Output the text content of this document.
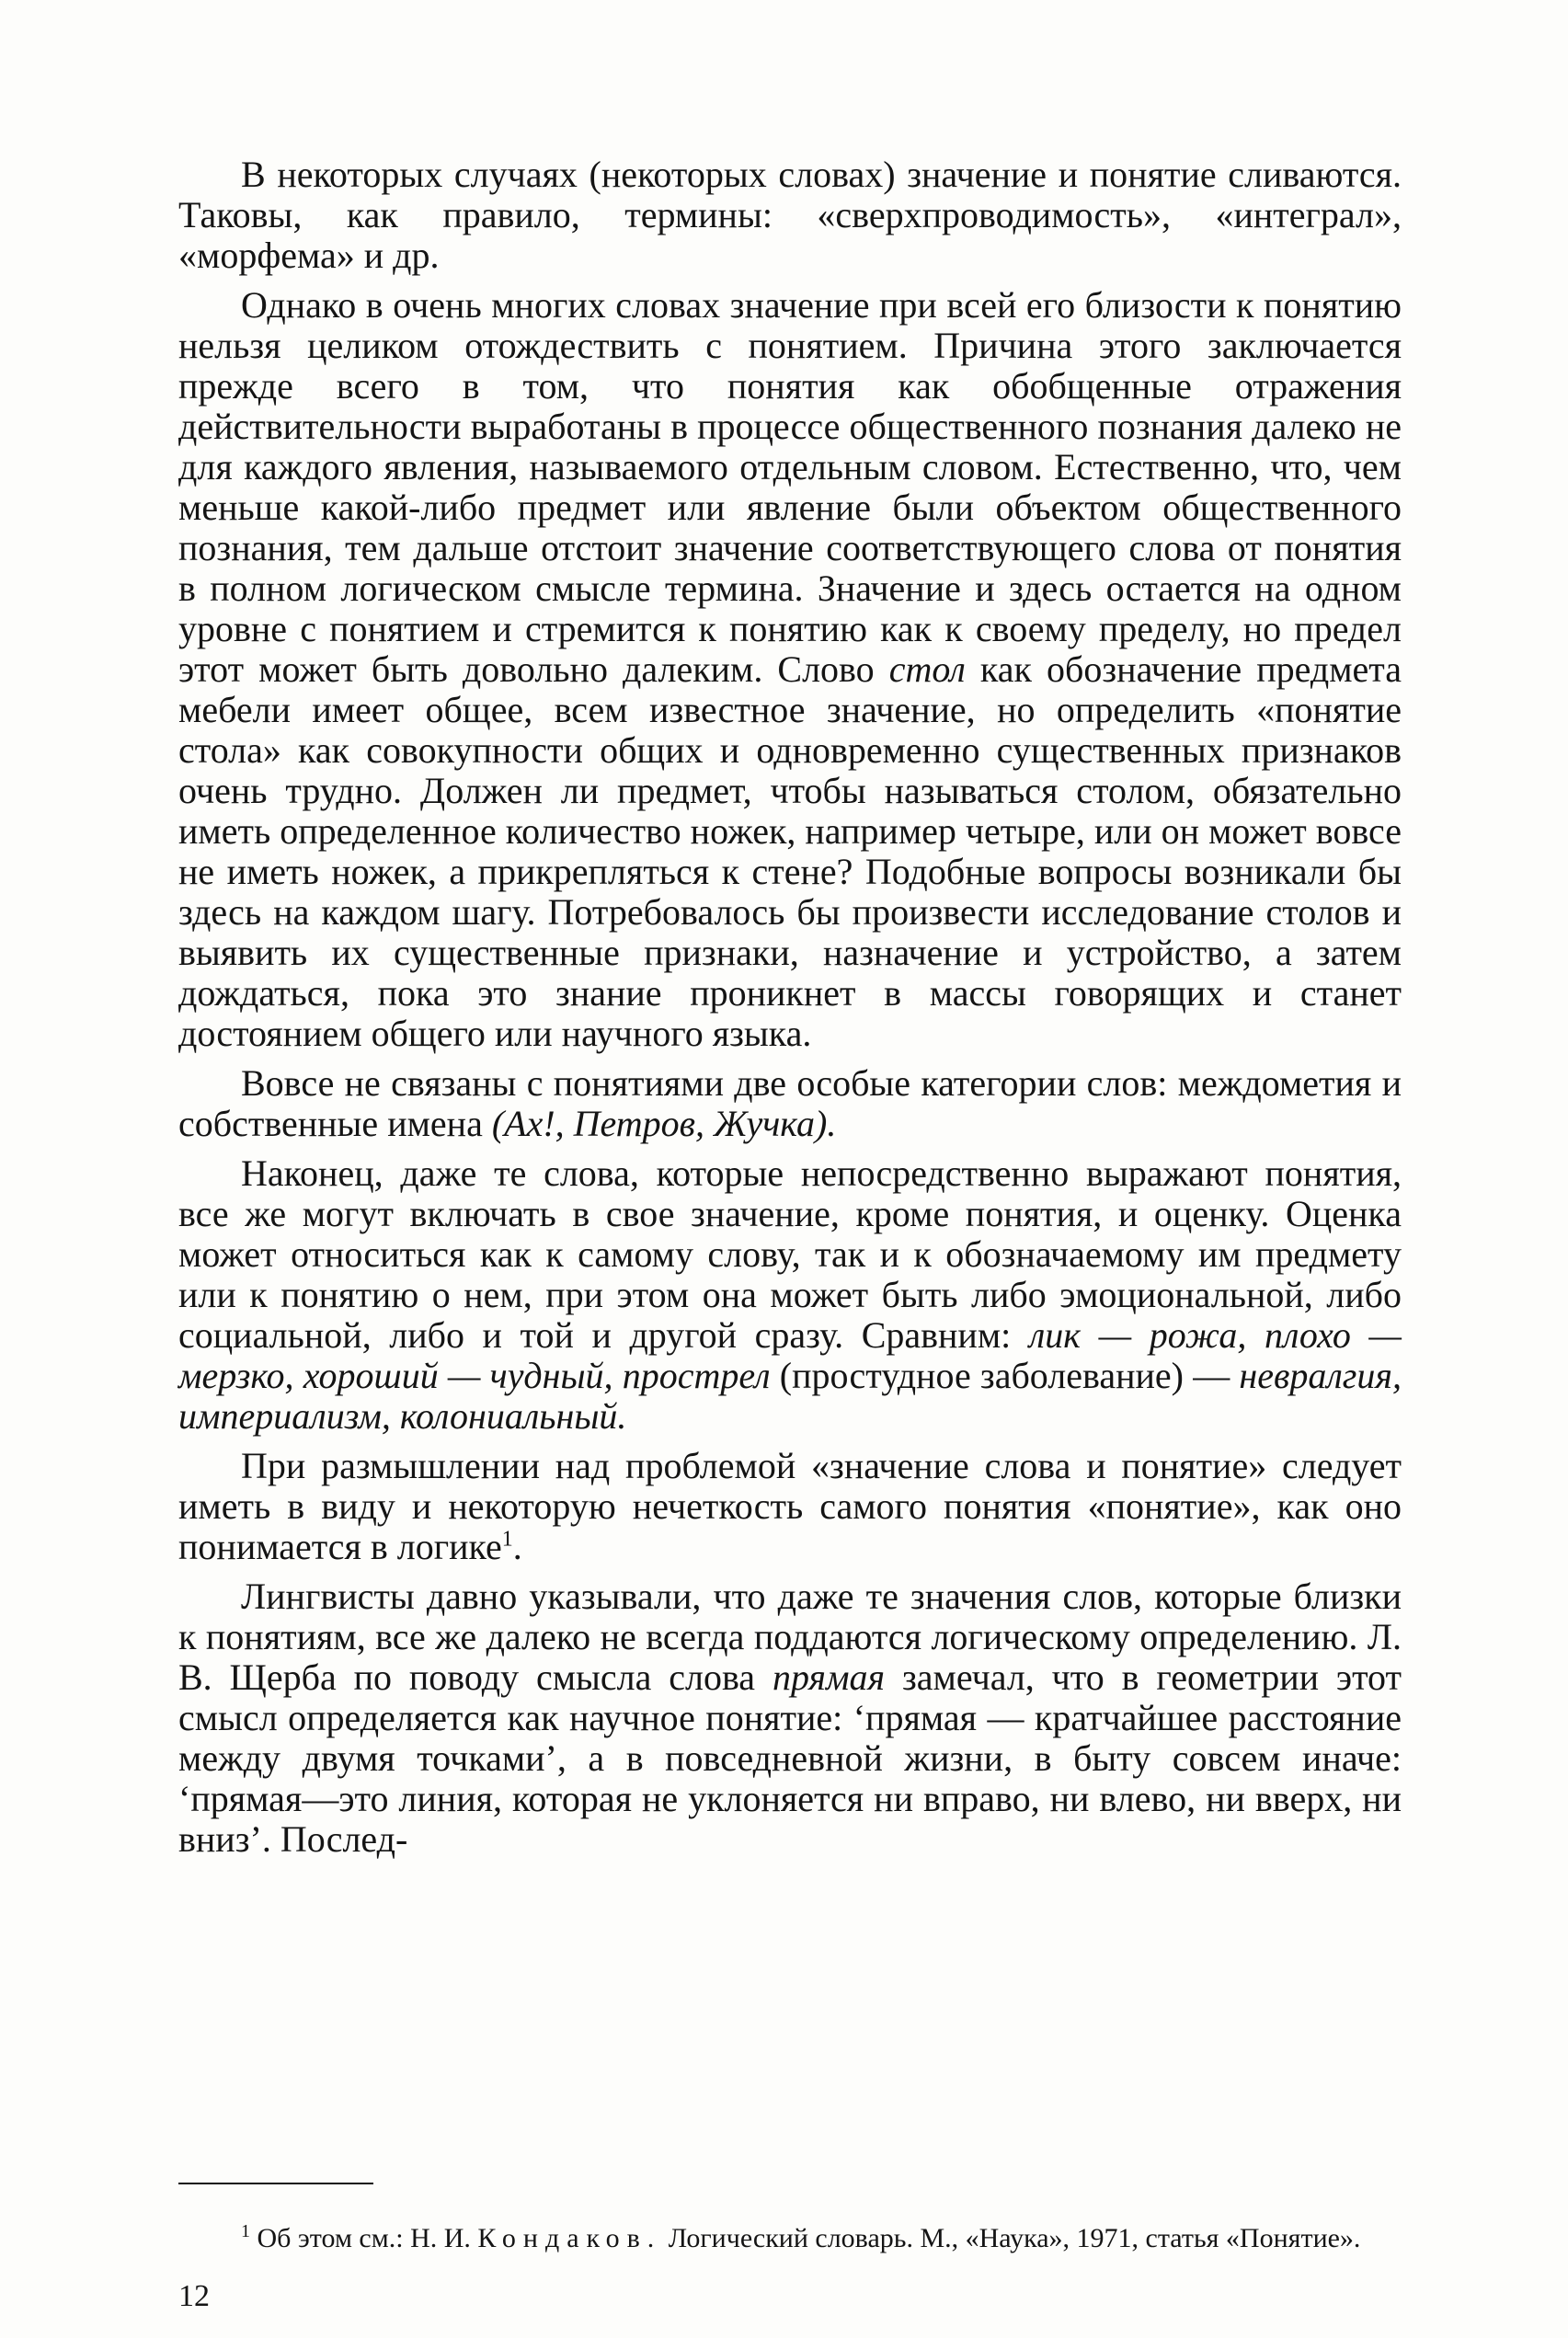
В некоторых случаях (некоторых словах) значение и понятие сливаются. Таковы, как правило, термины: «сверхпроводимость», «интеграл», «морфема» и др.

Однако в очень многих словах значение при всей его близости к понятию нельзя целиком отождествить с понятием. Причина этого заключается прежде всего в том, что понятия как обобщенные отражения действительности выработаны в процессе общественного познания далеко не для каждого явления, называемого отдельным словом. Естественно, что, чем меньше какой-либо предмет или явление были объектом общественного познания, тем дальше отстоит значение соответствующего слова от понятия в полном логическом смысле термина. Значение и здесь остается на одном уровне с понятием и стремится к понятию как к своему пределу, но предел этот может быть довольно далеким. Слово стол как обозначение предмета мебели имеет общее, всем известное значение, но определить «понятие стола» как совокупности общих и одновременно существенных признаков очень трудно. Должен ли предмет, чтобы называться столом, обязательно иметь определенное количество ножек, например четыре, или он может вовсе не иметь ножек, а прикрепляться к стене? Подобные вопросы возникали бы здесь на каждом шагу. Потребовалось бы произвести исследование столов и выявить их существенные признаки, назначение и устройство, а затем дождаться, пока это знание проникнет в массы говорящих и станет достоянием общего или научного языка.

Вовсе не связаны с понятиями две особые категории слов: междометия и собственные имена (Ах!, Петров, Жучка).

Наконец, даже те слова, которые непосредственно выражают понятия, все же могут включать в свое значение, кроме понятия, и оценку. Оценка может относиться как к самому слову, так и к обозначаемому им предмету или к понятию о нем, при этом она может быть либо эмоциональной, либо социальной, либо и той и другой сразу. Сравним: лик — рожа, плохо — мерзко, хороший — чудный, прострел (простудное заболевание) — невралгия, империализм, колониальный.

При размышлении над проблемой «значение слова и понятие» следует иметь в виду и некоторую нечеткость самого понятия «понятие», как оно понимается в логике$^1$.

Лингвисты давно указывали, что даже те значения слов, которые близки к понятиям, все же далеко не всегда поддаются логическому определению. Л. В. Щерба по поводу смысла слова прямая замечал, что в геометрии этот смысл определяется как научное понятие: ‘прямая — кратчайшее расстояние между двумя точками’, а в повседневной жизни, в быту совсем иначе: ‘прямая—это линия, которая не уклоняется ни вправо, ни влево, ни вверх, ни вниз’. Послед-

$^1$ Об этом см.: Н. И. Кондаков. Логический словарь. М., «Наука», 1971, статья «Понятие».
12
